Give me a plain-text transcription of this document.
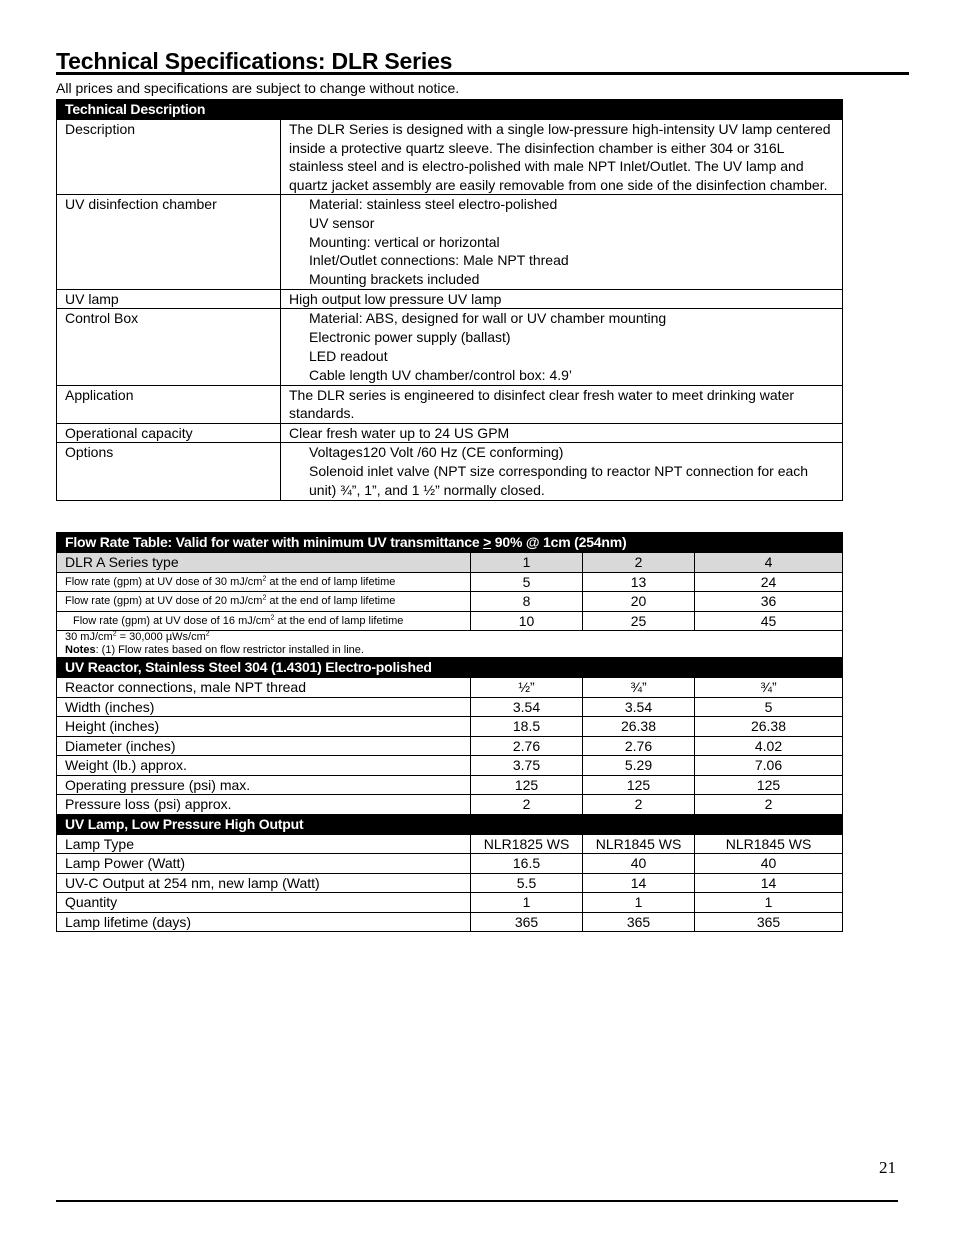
Technical Specifications: DLR Series
All prices and specifications are subject to change without notice.
Technical Description	
Description	The DLR Series is designed with a single low-pressure high-intensity UV lamp centered inside a protective quartz sleeve. The disinfection chamber is either 304 or 316L stainless steel and is electro-polished with male NPT Inlet/Outlet. The UV lamp and quartz jacket assembly are easily removable from one side of the disinfection chamber.
UV disinfection chamber	Material: stainless steel electro-polished
UV sensor
Mounting: vertical or horizontal
Inlet/Outlet connections: Male NPT thread
Mounting brackets included

UV lamp	High output low pressure UV lamp
Control Box	Material: ABS, designed for wall or UV chamber mounting
Electronic power supply (ballast)
LED readout
Cable length UV chamber/control box: 4.9’

Application	The DLR series is engineered to disinfect clear fresh water to meet drinking water standards.
Operational capacity	Clear fresh water up to 24 US GPM
Options	Voltages120 Volt /60 Hz (CE conforming)
Solenoid inlet valve (NPT size corresponding to reactor NPT connection for each unit) ¾”, 1”, and 1 ½” normally closed.
Flow Rate Table: Valid for water with minimum UV transmittance > 90% @ 1cm (254nm)			
DLR A Series type	1	2	4
Flow rate (gpm) at UV dose of 30 $mJ/cm^2$ at the end of lamp lifetime	5	13	24
Flow rate (gpm) at UV dose of 20 $mJ/cm^2$ at the end of lamp lifetime	8	20	36
Flow rate (gpm) at UV dose of 16 $mJ/cm^2$ at the end of lamp lifetime	10	25	45

30 $mJ/cm^2 = 30,000$ µWs/$cm^2$
Notes: (1) Flow rates based on flow restrictor installed in line.			

UV Reactor, Stainless Steel 304 (1.4301) Electro-polished			
Reactor connections, male NPT thread	½”	¾”	¾”
Width (inches)	3.54	3.54	5
Height (inches)	18.5	26.38	26.38
Diameter (inches)	2.76	2.76	4.02
Weight (lb.) approx.	3.75	5.29	7.06
Operating pressure (psi) max.	125	125	125
Pressure loss (psi) approx.	2	2	2
UV Lamp, Low Pressure High Output			
Lamp Type	NLR1825 WS	NLR1845 WS	NLR1845 WS
Lamp Power (Watt)	16.5	40	40
UV-C Output at 254 nm, new lamp (Watt)	5.5	14	14
Quantity	1	1	1
Lamp lifetime (days)	365	365	365
21
